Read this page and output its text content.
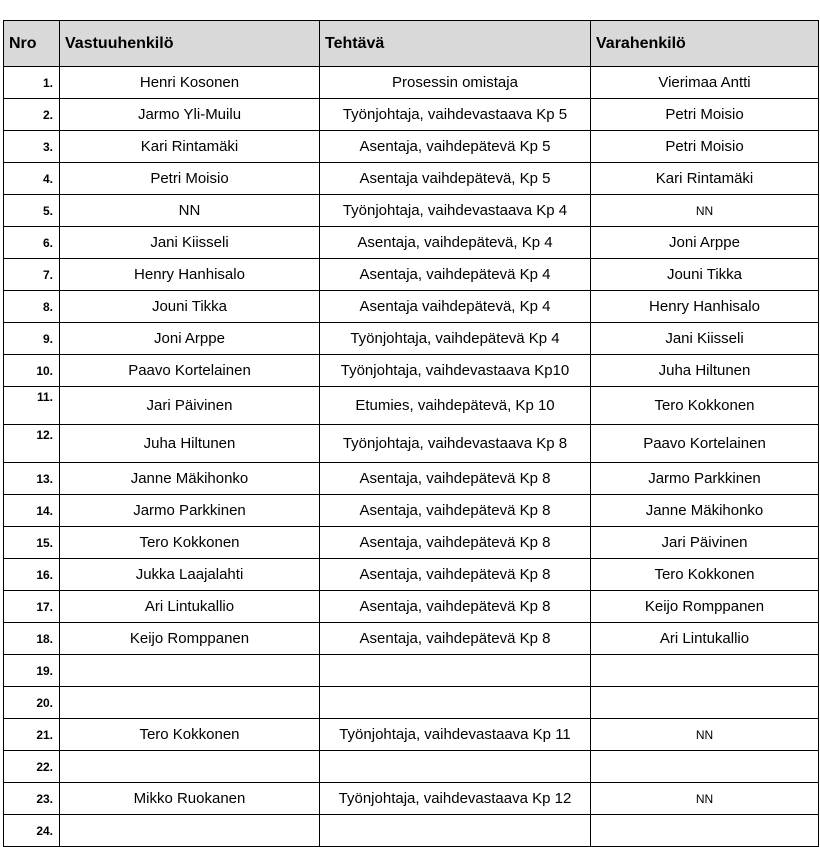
Nro	Vastuuhenkilö	Tehtävä	Varahenkilö
1.	Henri Kosonen	Prosessin omistaja	Vierimaa Antti
2.	Jarmo Yli-Muilu	Työnjohtaja, vaihdevastaava Kp 5	Petri Moisio
3.	Kari Rintamäki	Asentaja, vaihdepätevä Kp 5	Petri Moisio
4.	Petri Moisio	Asentaja vaihdepätevä, Kp 5	Kari Rintamäki
5.	NN	Työnjohtaja, vaihdevastaava Kp 4	NN
6.	Jani Kiisseli	Asentaja, vaihdepätevä, Kp 4	Joni Arppe
7.	Henry Hanhisalo	Asentaja, vaihdepätevä Kp 4	Jouni Tikka
8.	Jouni Tikka	Asentaja vaihdepätevä, Kp 4	Henry Hanhisalo
9.	Joni Arppe	Työnjohtaja, vaihdepätevä Kp 4	Jani Kiisseli
10.	Paavo Kortelainen	Työnjohtaja, vaihdevastaava Kp10	Juha Hiltunen
11.	Jari Päivinen	Etumies, vaihdepätevä, Kp 10	Tero Kokkonen
12.	Juha Hiltunen	Työnjohtaja, vaihdevastaava Kp 8	Paavo Kortelainen
13.	Janne Mäkihonko	Asentaja, vaihdepätevä Kp 8	Jarmo Parkkinen
14.	Jarmo Parkkinen	Asentaja, vaihdepätevä Kp 8	Janne Mäkihonko
15.	Tero Kokkonen	Asentaja, vaihdepätevä Kp 8	Jari Päivinen
16.	Jukka Laajalahti	Asentaja, vaihdepätevä Kp 8	Tero Kokkonen
17.	Ari Lintukallio	Asentaja, vaihdepätevä Kp 8	Keijo Romppanen
18.	Keijo Romppanen	Asentaja, vaihdepätevä Kp 8	Ari Lintukallio
19.			
20.			
21.	Tero Kokkonen	Työnjohtaja, vaihdevastaava Kp 11	NN
22.			
23.	Mikko Ruokanen	Työnjohtaja, vaihdevastaava Kp 12	NN
24.			
